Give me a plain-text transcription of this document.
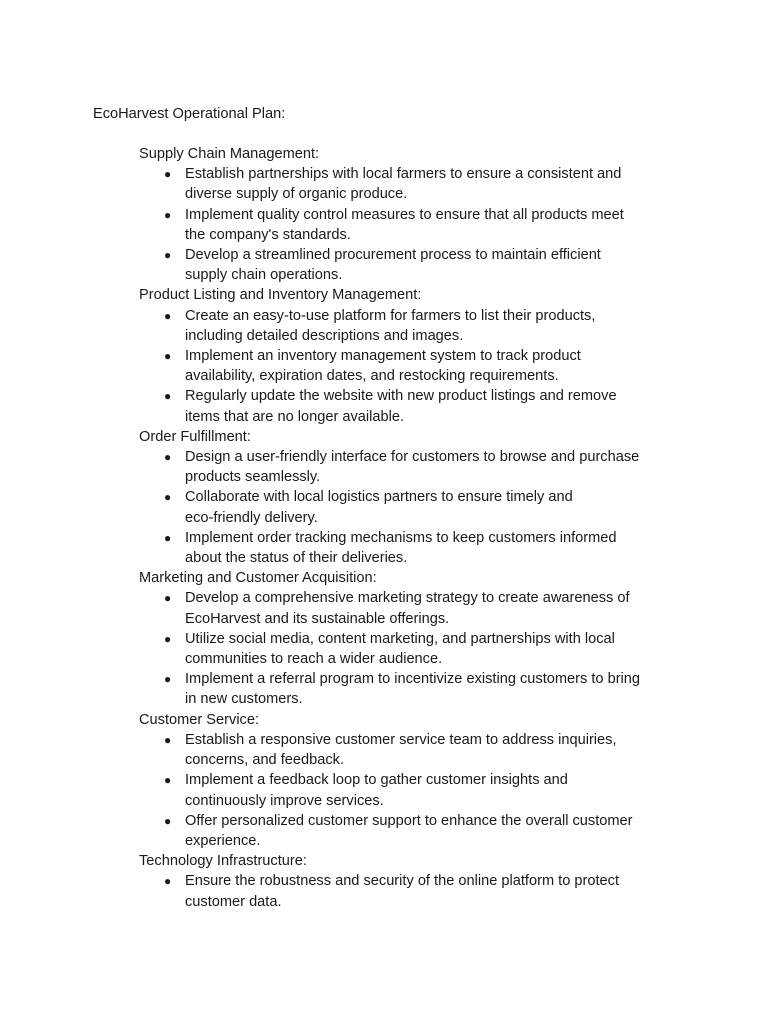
EcoHarvest Operational Plan:
Supply Chain Management:
● Establish partnerships with local farmers to ensure a consistent and
diverse supply of organic produce.
● Implement quality control measures to ensure that all products meet
the company's standards.
● Develop a streamlined procurement process to maintain efficient
supply chain operations.
Product Listing and Inventory Management:
● Create an easy-to-use platform for farmers to list their products,
including detailed descriptions and images.
● Implement an inventory management system to track product
availability, expiration dates, and restocking requirements.
● Regularly update the website with new product listings and remove
items that are no longer available.
Order Fulfillment:
● Design a user-friendly interface for customers to browse and purchase
products seamlessly.
● Collaborate with local logistics partners to ensure timely and
eco-friendly delivery.
● Implement order tracking mechanisms to keep customers informed
about the status of their deliveries.
Marketing and Customer Acquisition:
● Develop a comprehensive marketing strategy to create awareness of
EcoHarvest and its sustainable offerings.
● Utilize social media, content marketing, and partnerships with local
communities to reach a wider audience.
● Implement a referral program to incentivize existing customers to bring
in new customers.
Customer Service:
● Establish a responsive customer service team to address inquiries,
concerns, and feedback.
● Implement a feedback loop to gather customer insights and
continuously improve services.
● Offer personalized customer support to enhance the overall customer
experience.
Technology Infrastructure:
● Ensure the robustness and security of the online platform to protect
customer data.
